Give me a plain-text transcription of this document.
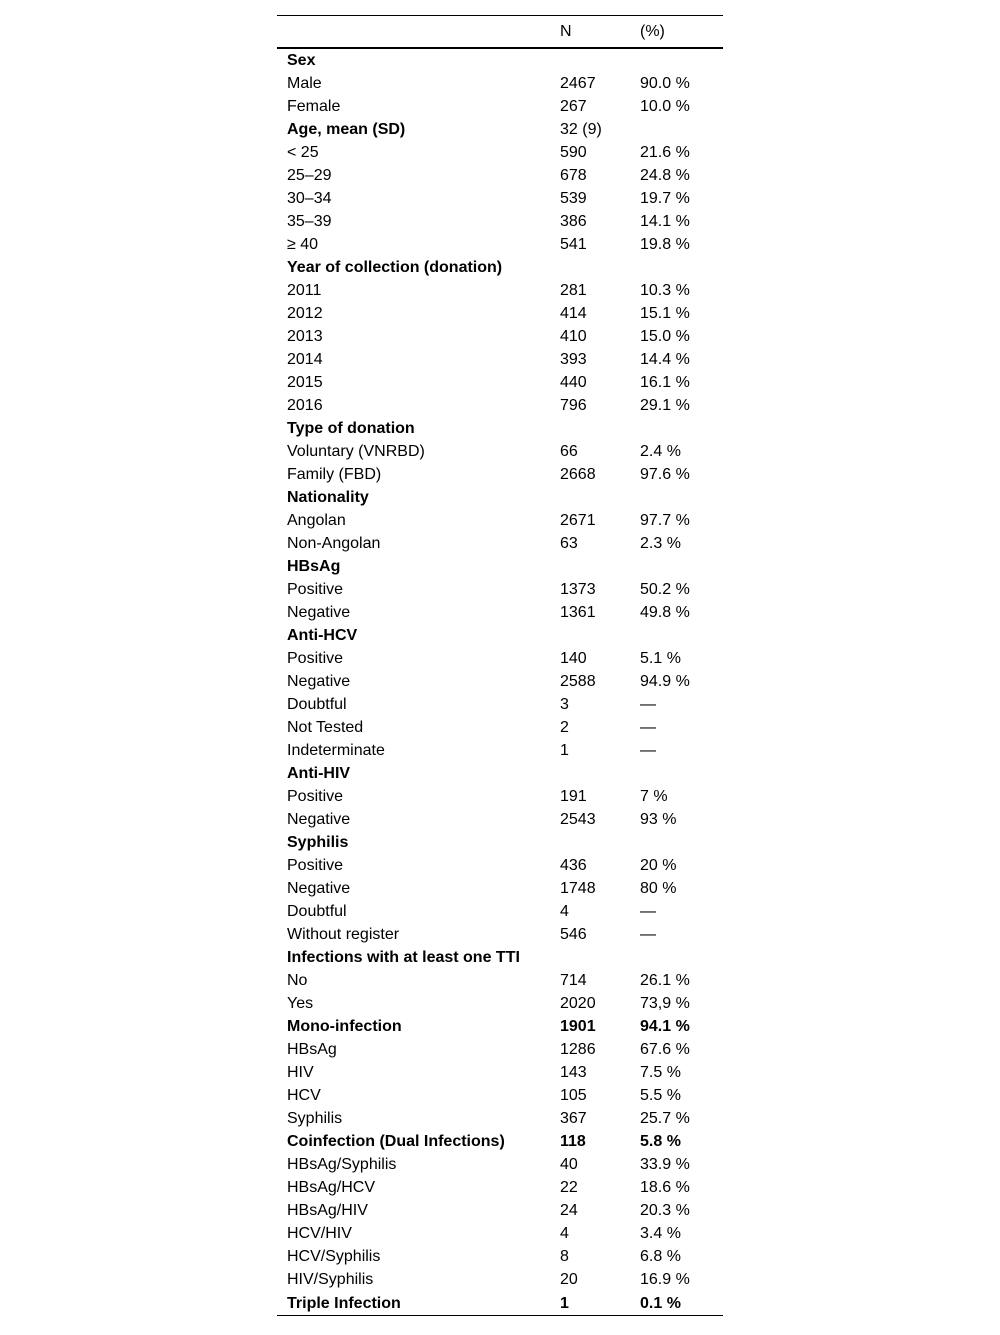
	N	(%)
Sex		
Male	2467	90.0 %
Female	267	10.0 %
Age, mean (SD)	32 (9)	
< 25	590	21.6 %
25–29	678	24.8 %
30–34	539	19.7 %
35–39	386	14.1 %
≥ 40	541	19.8 %
Year of collection (donation)		
2011	281	10.3 %
2012	414	15.1 %
2013	410	15.0 %
2014	393	14.4 %
2015	440	16.1 %
2016	796	29.1 %
Type of donation		
Voluntary (VNRBD)	66	2.4 %
Family (FBD)	2668	97.6 %
Nationality		
Angolan	2671	97.7 %
Non-Angolan	63	2.3 %
HBsAg		
Positive	1373	50.2 %
Negative	1361	49.8 %
Anti-HCV		
Positive	140	5.1 %
Negative	2588	94.9 %
Doubtful	3	—
Not Tested	2	—
Indeterminate	1	—
Anti-HIV		
Positive	191	7 %
Negative	2543	93 %
Syphilis		
Positive	436	20 %
Negative	1748	80 %
Doubtful	4	—
Without register	546	—
Infections with at least one TTI		
No	714	26.1 %
Yes	2020	73,9 %
Mono-infection	1901	94.1 %
HBsAg	1286	67.6 %
HIV	143	7.5 %
HCV	105	5.5 %
Syphilis	367	25.7 %
Coinfection (Dual Infections)	118	5.8 %
HBsAg/Syphilis	40	33.9 %
HBsAg/HCV	22	18.6 %
HBsAg/HIV	24	20.3 %
HCV/HIV	4	3.4 %
HCV/Syphilis	8	6.8 %
HIV/Syphilis	20	16.9 %
Triple Infection	1	0.1 %
